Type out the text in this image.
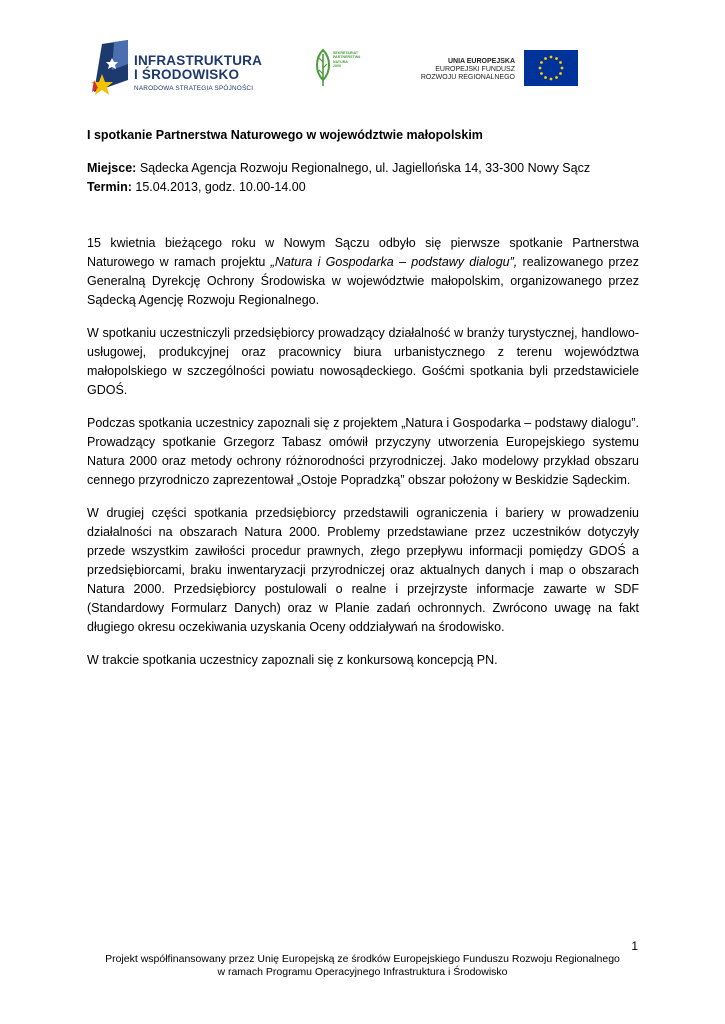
INFRASTRUKTURA
I ŚRODOWISKO
NARODOWA STRATEGIA SPÓJNOŚCI
SEKRETARIAT
PARTNERSTWA
NATURA
2000
UNIA EUROPEJSKA
EUROPEJSKI FUNDUSZ
ROZWOJU REGIONALNEGO

I spotkanie Partnerstwa Naturowego w województwie małopolskim

Miejsce: Sądecka Agencja Rozwoju Regionalnego, ul. Jagiellońska 14, 33-300 Nowy Sącz
Termin: 15.04.2013, godz. 10.00-14.00

15 kwietnia bieżącego roku w Nowym Sączu odbyło się pierwsze spotkanie Partnerstwa Naturowego w ramach projektu „Natura i Gospodarka – podstawy dialogu”, realizowanego przez Generalną Dyrekcję Ochrony Środowiska w województwie małopolskim, organizowanego przez Sądecką Agencję Rozwoju Regionalnego.

W spotkaniu uczestniczyli przedsiębiorcy prowadzący działalność w branży turystycznej, handlowo-usługowej, produkcyjnej oraz pracownicy biura urbanistycznego z terenu województwa małopolskiego w szczególności powiatu nowosądeckiego. Gośćmi spotkania byli przedstawiciele GDOŚ.

Podczas spotkania uczestnicy zapoznali się z projektem „Natura i Gospodarka – podstawy dialogu”. Prowadzący spotkanie Grzegorz Tabasz omówił przyczyny utworzenia Europejskiego systemu Natura 2000 oraz metody ochrony różnorodności przyrodniczej. Jako modelowy przykład obszaru cennego przyrodniczo zaprezentował „Ostoje Popradzką” obszar położony w Beskidzie Sądeckim.

W drugiej części spotkania przedsiębiorcy przedstawili ograniczenia i bariery w prowadzeniu działalności na obszarach Natura 2000. Problemy przedstawiane przez uczestników dotyczyły przede wszystkim zawiłości procedur prawnych, złego przepływu informacji pomiędzy GDOŚ a przedsiębiorcami, braku inwentaryzacji przyrodniczej oraz aktualnych danych i map o obszarach Natura 2000. Przedsiębiorcy postulowali o realne i przejrzyste informacje zawarte w SDF (Standardowy Formularz Danych) oraz w Planie zadań ochronnych. Zwrócono uwagę na fakt długiego okresu oczekiwania uzyskania Oceny oddziaływań na środowisko.

W trakcie spotkania uczestnicy zapoznali się z konkursową koncepcją PN.

1
Projekt współfinansowany przez Unię Europejską ze środków Europejskiego Funduszu Rozwoju Regionalnego
w ramach Programu Operacyjnego Infrastruktura i Środowisko
